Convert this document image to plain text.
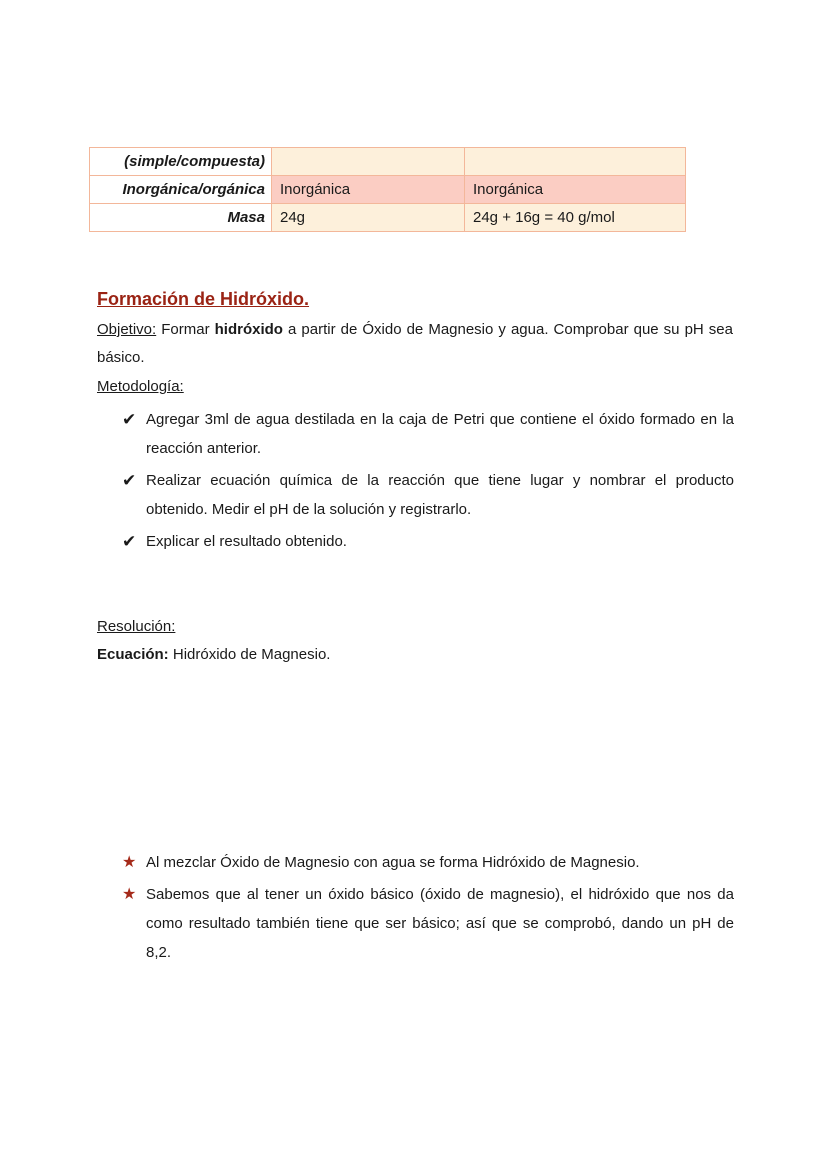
(simple/compuesta)		
Inorgánica/orgánica	Inorgánica	Inorgánica
Masa	24g	24g + 16g = 40 g/mol
Formación de Hidróxido.
Objetivo: Formar hidróxido a partir de Óxido de Magnesio y agua. Comprobar que su pH sea básico.
Metodología:
✔ Agregar 3ml de agua destilada en la caja de Petri que contiene el óxido formado en la reacción anterior.
✔ Realizar ecuación química de la reacción que tiene lugar y nombrar el producto obtenido. Medir el pH de la solución y registrarlo.
✔ Explicar el resultado obtenido.
Resolución:
Ecuación: Hidróxido de Magnesio.
★ Al mezclar Óxido de Magnesio con agua se forma Hidróxido de Magnesio.
★ Sabemos que al tener un óxido básico (óxido de magnesio), el hidróxido que nos da como resultado también tiene que ser básico; así que se comprobó, dando un pH de 8,2.
